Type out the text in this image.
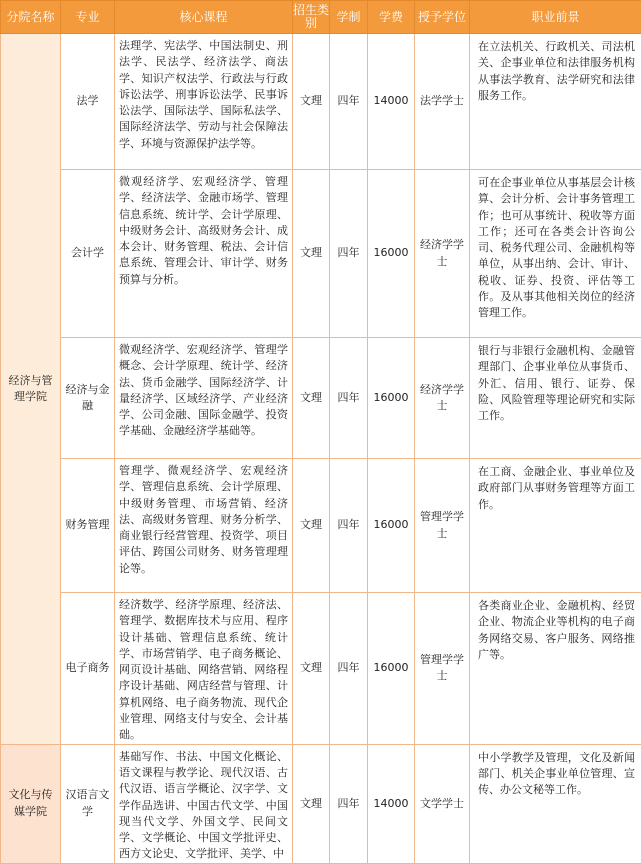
分院名称	专业	核心课程	招生类别	学制	学费	授予学位	职业前景
经济与管理学院	法学	法理学、宪法学、中国法制史、刑法学、民法学、经济法学、商法学、知识产权法学、行政法与行政诉讼法学、刑事诉讼法学、民事诉讼法学、国际法学、国际私法学、国际经济法学、劳动与社会保障法学、环境与资源保护法学等。	文理	四年	14000	法学学士	在立法机关、行政机关、司法机关、企事业单位和法律服务机构从事法学教育、法学研究和法律服务工作。
	会计学	微观经济学、宏观经济学、管理学、经济法学、金融市场学、管理信息系统、统计学、会计学原理、中级财务会计、高级财务会计、成本会计、财务管理、税法、会计信息系统、管理会计、审计学、财务预算与分析。	文理	四年	16000	经济学学士	可在企事业单位从事基层会计核算、会计分析、会计事务管理工作；也可从事统计、税收等方面工作；还可在各类会计咨询公司、税务代理公司、金融机构等单位，从事出纳、会计、审计、税收、证券、投资、评估等工作。及从事其他相关岗位的经济管理工作。
	经济与金融	微观经济学、宏观经济学、管理学概念、会计学原理、统计学、经济法、货币金融学、国际经济学、计量经济学、区域经济学、产业经济学、公司金融、国际金融学、投资学基础、金融经济学基础等。	文理	四年	16000	经济学学士	银行与非银行金融机构、金融管理部门、企事业单位从事货币、外汇、信用、银行、证券、保险、风险管理等理论研究和实际工作。
	财务管理	管理学、微观经济学、宏观经济学、管理信息系统、会计学原理、中级财务管理、市场营销、经济法、高级财务管理、财务分析学、商业银行经营管理、投资学、项目评估、跨国公司财务、财务管理理论等。	文理	四年	16000	管理学学士	在工商、金融企业、事业单位及政府部门从事财务管理等方面工作。
	电子商务	经济数学、经济学原理、经济法、管理学、数据库技术与应用、程序设计基础、管理信息系统、统计学、市场营销学、电子商务概论、网页设计基础、网络营销、网络程序设计基础、网店经营与管理、计算机网络、电子商务物流、现代企业管理、网络支付与安全、会计基础。	文理	四年	16000	管理学学士	各类商业企业、金融机构、经贸企业、物流企业等机构的电子商务网络交易、客户服务、网络推广等。
文化与传媒学院	汉语言文学	基础写作、书法、中国文化概论、语文课程与教学论、现代汉语、古代汉语、语言学概论、汉字学、文学作品选讲、中国古代文学、中国现当代文学、外国文学、民间文学、文学概论、中国文学批评史、西方文论史、文学批评、美学、中	文理	四年	14000	文学学士	中小学教学及管理，文化及新闻部门、机关企事业单位管理、宣传、办公文秘等工作。
